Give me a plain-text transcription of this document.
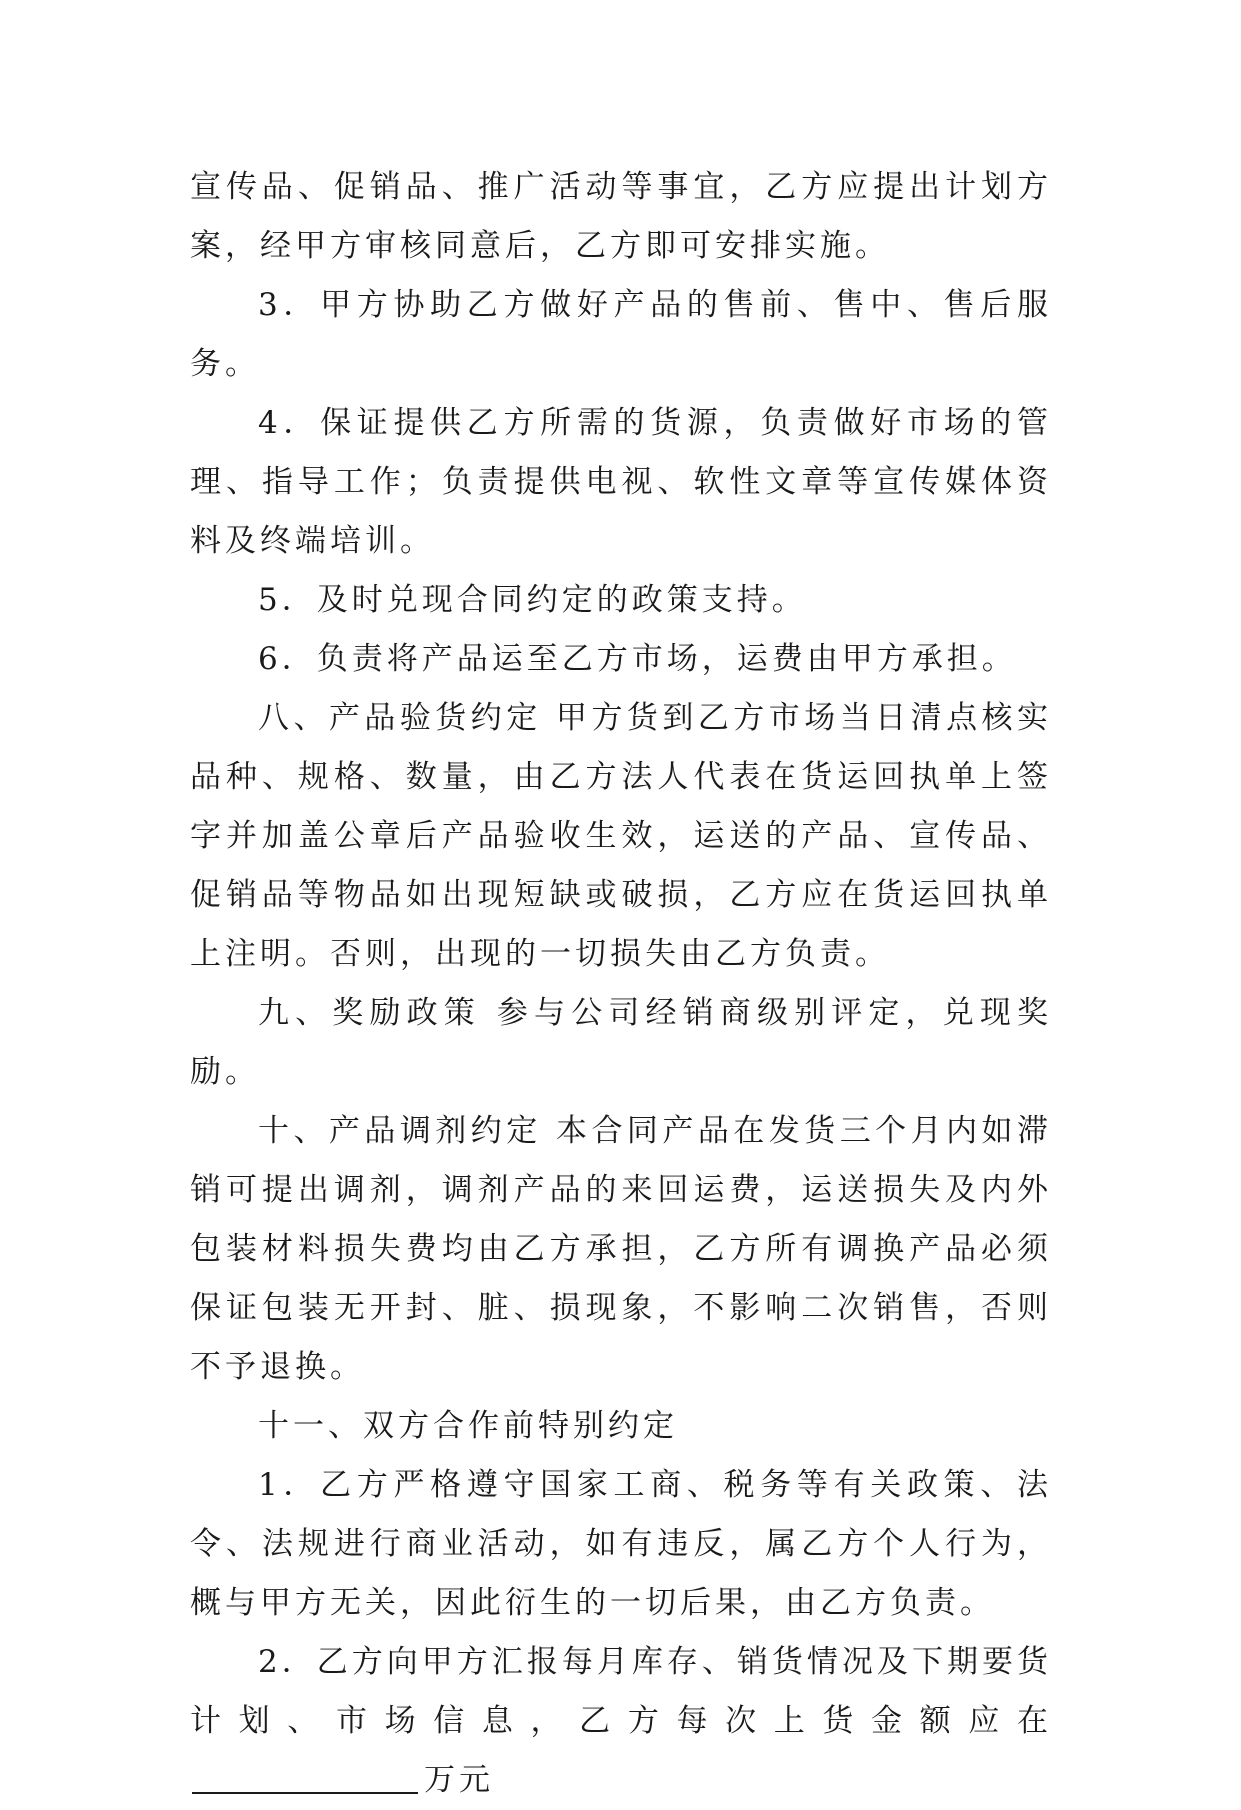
宣传品、促销品、推广活动等事宜，乙方应提出计划方案，经甲方审核同意后，乙方即可安排实施。

3．甲方协助乙方做好产品的售前、售中、售后服务。

4．保证提供乙方所需的货源，负责做好市场的管理、指导工作；负责提供电视、软性文章等宣传媒体资料及终端培训。

5．及时兑现合同约定的政策支持。

6．负责将产品运至乙方市场，运费由甲方承担。

八、产品验货约定 甲方货到乙方市场当日清点核实品种、规格、数量，由乙方法人代表在货运回执单上签字并加盖公章后产品验收生效，运送的产品、宣传品、促销品等物品如出现短缺或破损，乙方应在货运回执单上注明。否则，出现的一切损失由乙方负责。

九、奖励政策 参与公司经销商级别评定，兑现奖励。

十、产品调剂约定 本合同产品在发货三个月内如滞销可提出调剂，调剂产品的来回运费，运送损失及内外包装材料损失费均由乙方承担，乙方所有调换产品必须保证包装无开封、脏、损现象，不影响二次销售，否则不予退换。

十一、双方合作前特别约定

1．乙方严格遵守国家工商、税务等有关政策、法令、法规进行商业活动，如有违反，属乙方个人行为，概与甲方无关，因此衍生的一切后果，由乙方负责。

2．乙方向甲方汇报每月库存、销货情况及下期要货计划、市场信息，乙方每次上货金额应在万元
